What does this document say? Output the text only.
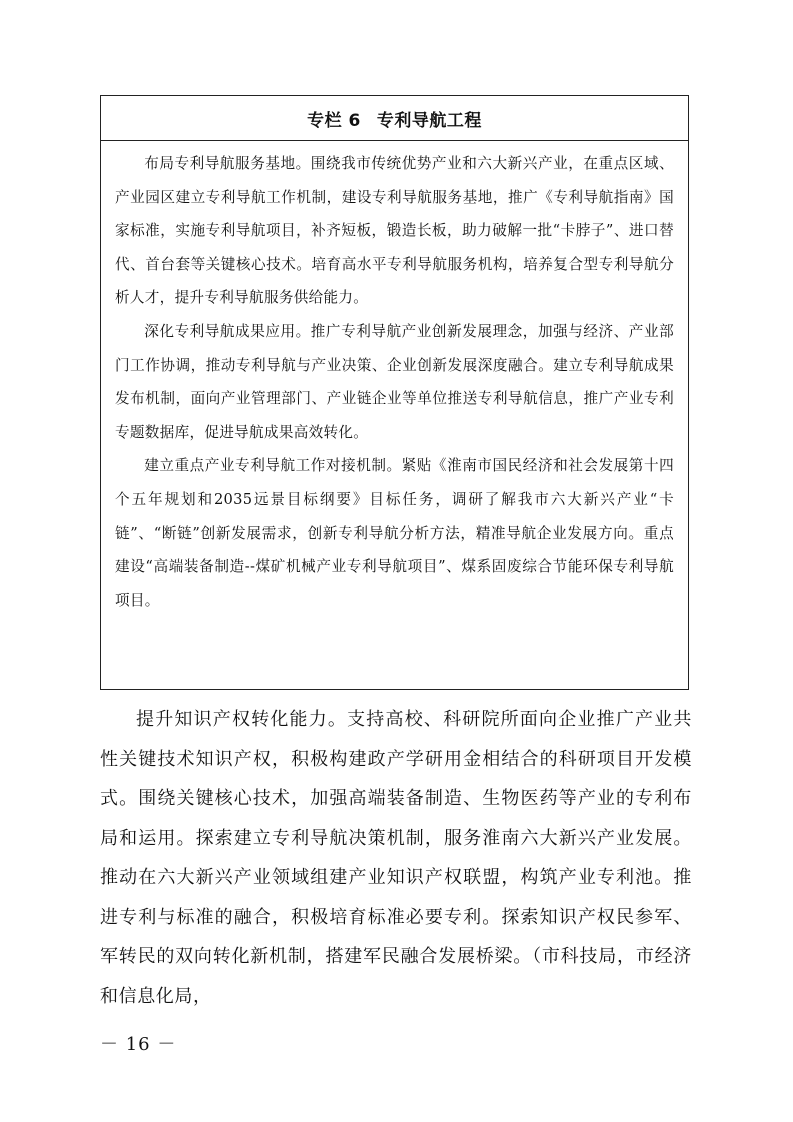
专栏 6 专利导航工程

布局专利导航服务基地。围绕我市传统优势产业和六大新兴产业，在重点区域、产业园区建立专利导航工作机制，建设专利导航服务基地，推广《专利导航指南》国家标准，实施专利导航项目，补齐短板，锻造长板，助力破解一批“卡脖子”、进口替代、首台套等关键核心技术。培育高水平专利导航服务机构，培养复合型专利导航分析人才，提升专利导航服务供给能力。

深化专利导航成果应用。推广专利导航产业创新发展理念，加强与经济、产业部门工作协调，推动专利导航与产业决策、企业创新发展深度融合。建立专利导航成果发布机制，面向产业管理部门、产业链企业等单位推送专利导航信息，推广产业专利专题数据库，促进导航成果高效转化。

建立重点产业专利导航工作对接机制。紧贴《淮南市国民经济和社会发展第十四个五年规划和2035远景目标纲要》目标任务，调研了解我市六大新兴产业“卡链”、“断链”创新发展需求，创新专利导航分析方法，精准导航企业发展方向。重点建设“高端装备制造--煤矿机械产业专利导航项目”、煤系固废综合节能环保专利导航项目。

提升知识产权转化能力。支持高校、科研院所面向企业推广产业共性关键技术知识产权，积极构建政产学研用金相结合的科研项目开发模式。围绕关键核心技术，加强高端装备制造、生物医药等产业的专利布局和运用。探索建立专利导航决策机制，服务淮南六大新兴产业发展。推动在六大新兴产业领域组建产业知识产权联盟，构筑产业专利池。推进专利与标准的融合，积极培育标准必要专利。探索知识产权民参军、军转民的双向转化新机制，搭建军民融合发展桥梁。（市科技局，市经济和信息化局，

－ 16 －
